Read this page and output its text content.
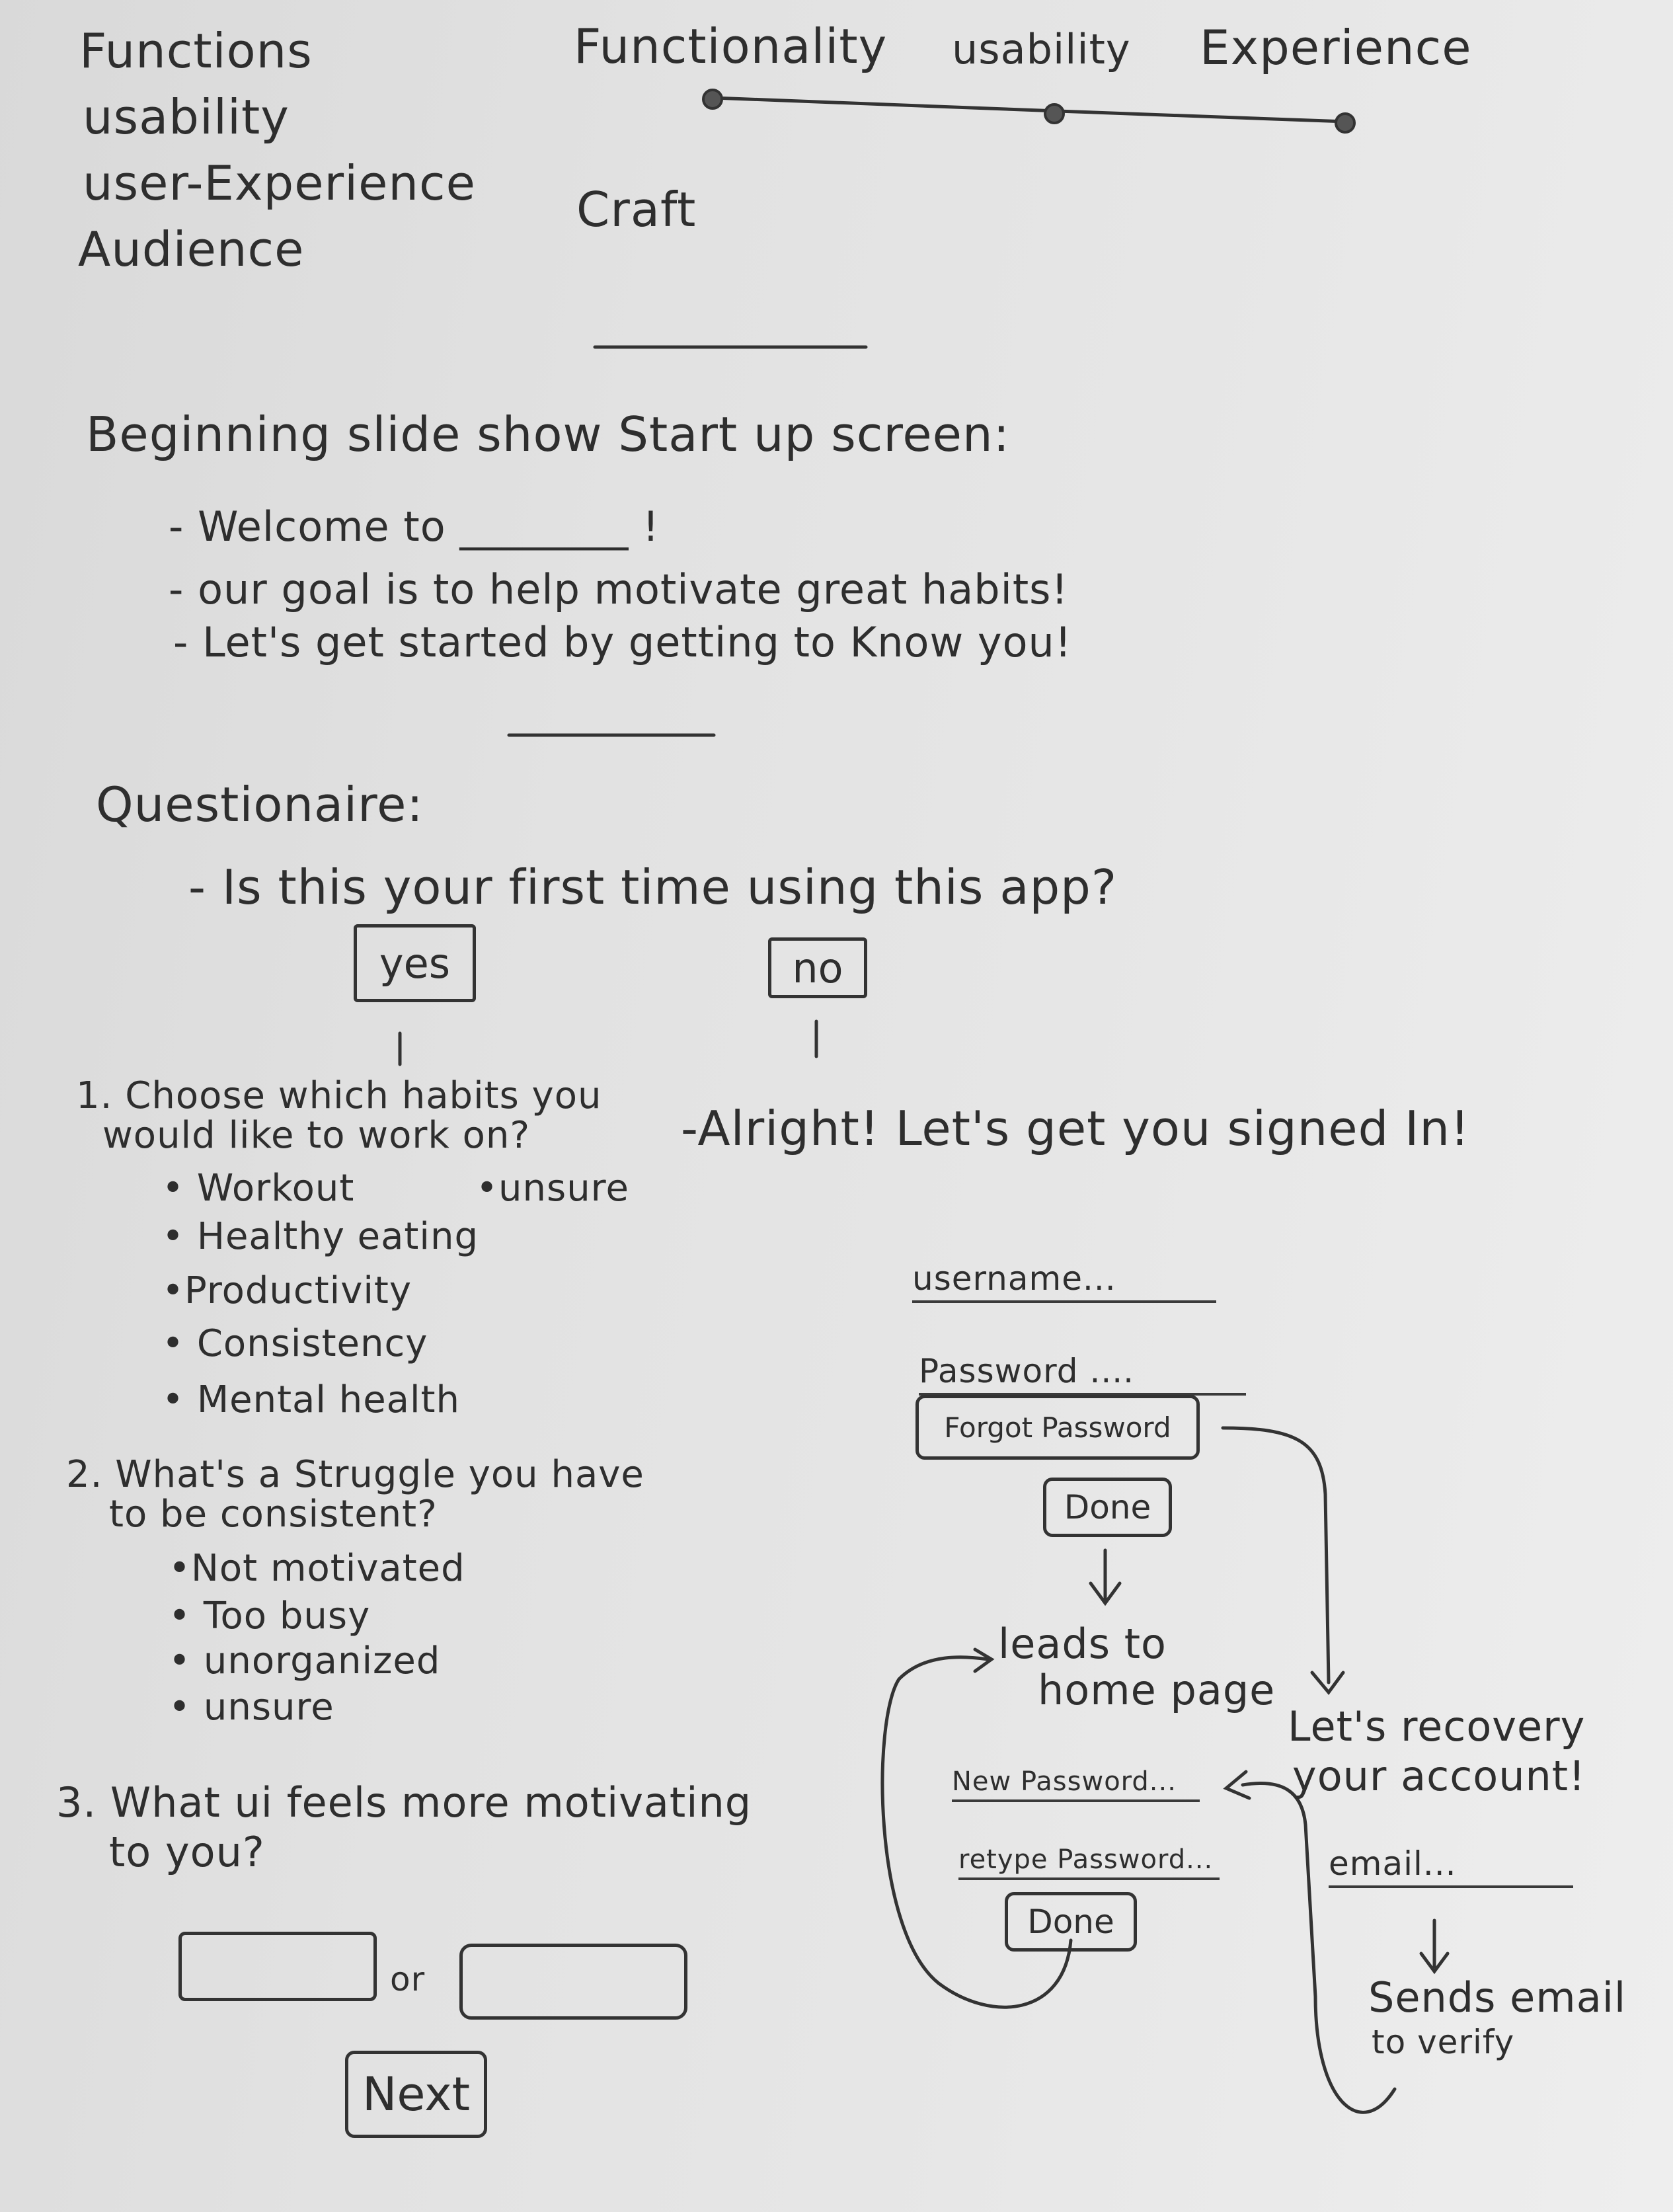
Functions
usability
user-Experience
Audience
Functionality usability Experience
Craft
Beginning slide show Start up screen:
- Welcome to ________ !
- our goal is to help motivate great habits!
- Let's get started by getting to Know you!
Questionaire:
- Is this your first time using this app?
yes	no
1. Choose which habits you
would like to work on?
• Workout	•unsure
• Healthy eating
•Productivity
• Consistency
• Mental health
2. What's a Struggle you have
to be consistent?
•Not motivated
• Too busy
• unorganized
• unsure
3. What ui feels more motivating
to you?
or
Next
-Alright! Let's get you signed In!
username...
Password ....
Forgot Password
Done
leads to
home page
Let's recovery
your account!
email...
Sends email
to verify
New Password...
retype Password...
Done
